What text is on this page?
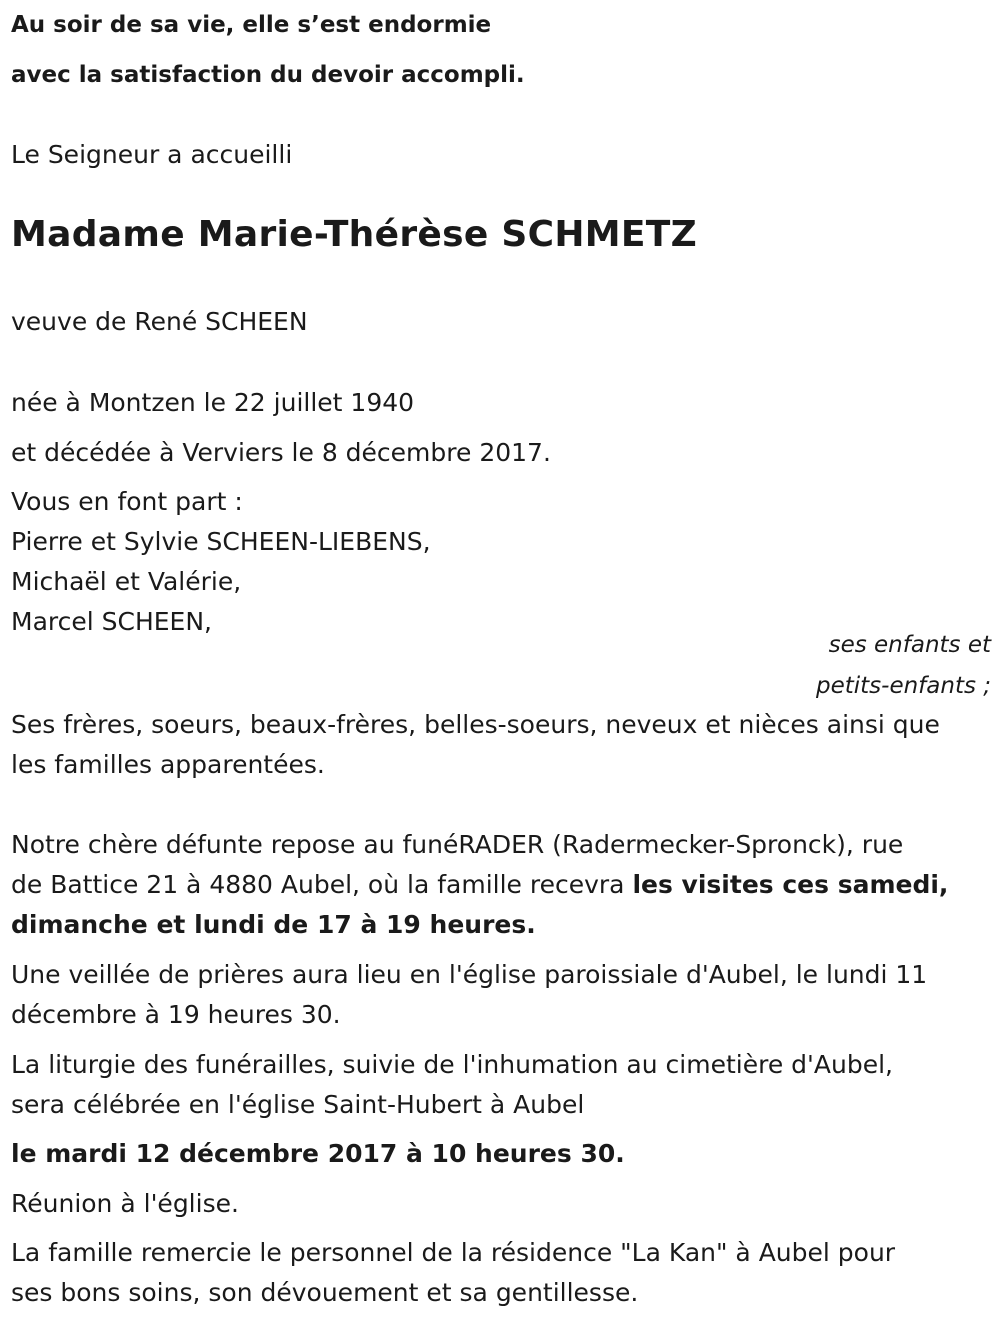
Au soir de sa vie, elle s’est endormie
avec la satisfaction du devoir accompli.
Le Seigneur a accueilli
Madame Marie-Thérèse SCHMETZ
veuve de René SCHEEN
née à Montzen le 22 juillet 1940
et décédée à Verviers le 8 décembre 2017.
Vous en font part :
Pierre et Sylvie SCHEEN-LIEBENS,
Michaël et Valérie,
Marcel SCHEEN,
ses enfants et
petits-enfants ;
Ses frères, soeurs, beaux-frères, belles-soeurs, neveux et nièces ainsi que
les familles apparentées.
Notre chère défunte repose au funéRADER (Radermecker-Spronck), rue
de Battice 21 à 4880 Aubel, où la famille recevra les visites ces samedi,
dimanche et lundi de 17 à 19 heures.
Une veillée de prières aura lieu en l'église paroissiale d'Aubel, le lundi 11
décembre à 19 heures 30.
La liturgie des funérailles, suivie de l'inhumation au cimetière d'Aubel,
sera célébrée en l'église Saint-Hubert à Aubel
le mardi 12 décembre 2017 à 10 heures 30.
Réunion à l'église.
La famille remercie le personnel de la résidence "La Kan" à Aubel pour
ses bons soins, son dévouement et sa gentillesse.
